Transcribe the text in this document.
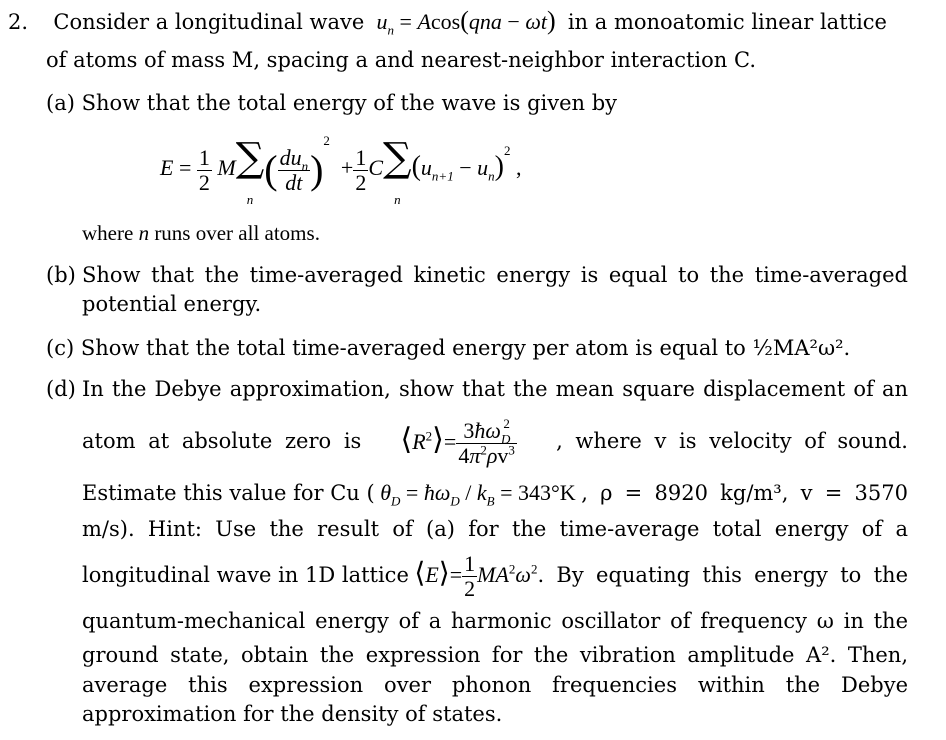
2. Consider a longitudinal wave $u_n = Acos(qna - \omega t)$ in a monoatomic linear lattice
of atoms of mass M, spacing a and nearest-neighbor interaction C.
(a) Show that the total energy of the wave is given by
$E = \frac{1}{2} M\sum$
n
( $\frac{du_n}{dt} )^2 + \frac{1}{2} C\sum$
n
$(u_{n+1} - u_n)^2$ ,
where n runs over all atoms.
(b) Show that the time-averaged kinetic energy is equal to the time-averaged
potential energy.
(c) Show that the total time-averaged energy per atom is equal to ½MA²ω².
(d) In the Debye approximation, show that the mean square displacement of an
atom at absolute zero is $⟨R^2⟩= \frac{3ħ\omega_D^2}{4\pi^2\rho v^3}$ , where v is velocity of sound.
Estimate this value for Cu ( $\theta_D$ = $ħ\omega_D / k_B = 343^\circ K$ , ρ = 8920 kg/m³, v = 3570
m/s). Hint: Use the result of (a) for the time-average total energy of a
longitudinal wave in 1D lattice ⟨E⟩= $\frac{1}{2} MA^2\omega^2$ . By equating this energy to the
quantum-mechanical energy of a harmonic oscillator of frequency ω in the
ground state, obtain the expression for the vibration amplitude A². Then,
average this expression over phonon frequencies within the Debye
approximation for the density of states.
